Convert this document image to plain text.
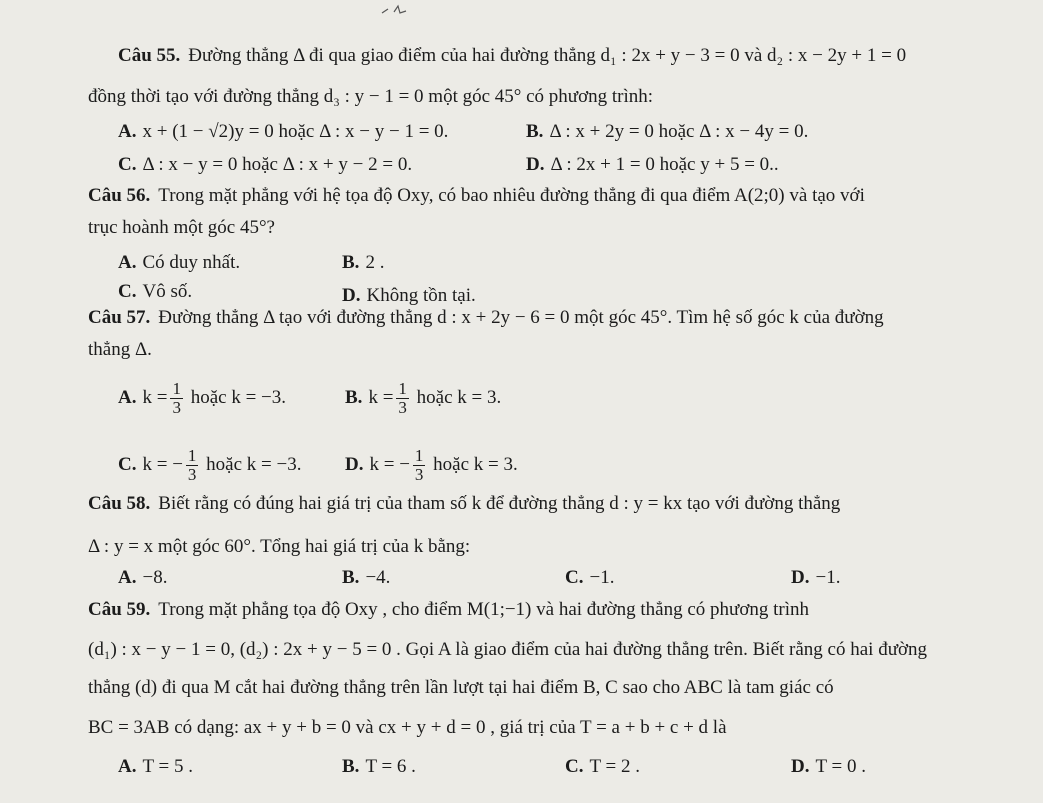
Câu 55. Đường thẳng Δ đi qua giao điểm của hai đường thẳng d₁ : 2x + y − 3 = 0 và d₂ : x − 2y + 1 = 0
đồng thời tạo với đường thẳng d₃ : y − 1 = 0 một góc 45° có phương trình:
A. x + (1 − √2)y = 0 hoặc Δ : x − y − 1 = 0.	B. Δ : x + 2y = 0 hoặc Δ : x − 4y = 0.
C. Δ : x − y = 0 hoặc Δ : x + y − 2 = 0.	D. Δ : 2x + 1 = 0 hoặc y + 5 = 0..
Câu 56. Trong mặt phẳng với hệ tọa độ Oxy, có bao nhiêu đường thẳng đi qua điểm A(2;0) và tạo với
trục hoành một góc 45°?
A. Có duy nhất.	B. 2 .
C. Vô số.	D. Không tồn tại.
Câu 57. Đường thẳng Δ tạo với đường thẳng d : x + 2y − 6 = 0 một góc 45°. Tìm hệ số góc k của đường
thẳng Δ.
A. $k = \frac{1}{3}$ hoặc k = −3.	B. $k = \frac{1}{3}$ hoặc k = 3.
C. k = − $\frac{1}{3}$ hoặc k = −3. D. k = − $\frac{1}{3}$ hoặc k = 3.
Câu 58. Biết rằng có đúng hai giá trị của tham số k để đường thẳng d : y = kx tạo với đường thẳng
Δ : y = x một góc 60°. Tổng hai giá trị của k bằng:
A. −8.	B. −4.	C. −1.	D. −1.
Câu 59. Trong mặt phẳng tọa độ Oxy , cho điểm M(1;−1) và hai đường thẳng có phương trình
(d₁) : x − y − 1 = 0, (d₂) : 2x + y − 5 = 0 . Gọi A là giao điểm của hai đường thẳng trên. Biết rằng có hai đường
thẳng (d) đi qua M cắt hai đường thẳng trên lần lượt tại hai điểm B, C sao cho ABC là tam giác có
BC = 3AB có dạng: ax + y + b = 0 và cx + y + d = 0 , giá trị của T = a + b + c + d là
A. T = 5 .	B. T = 6 .	C. T = 2 .	D. T = 0 .
